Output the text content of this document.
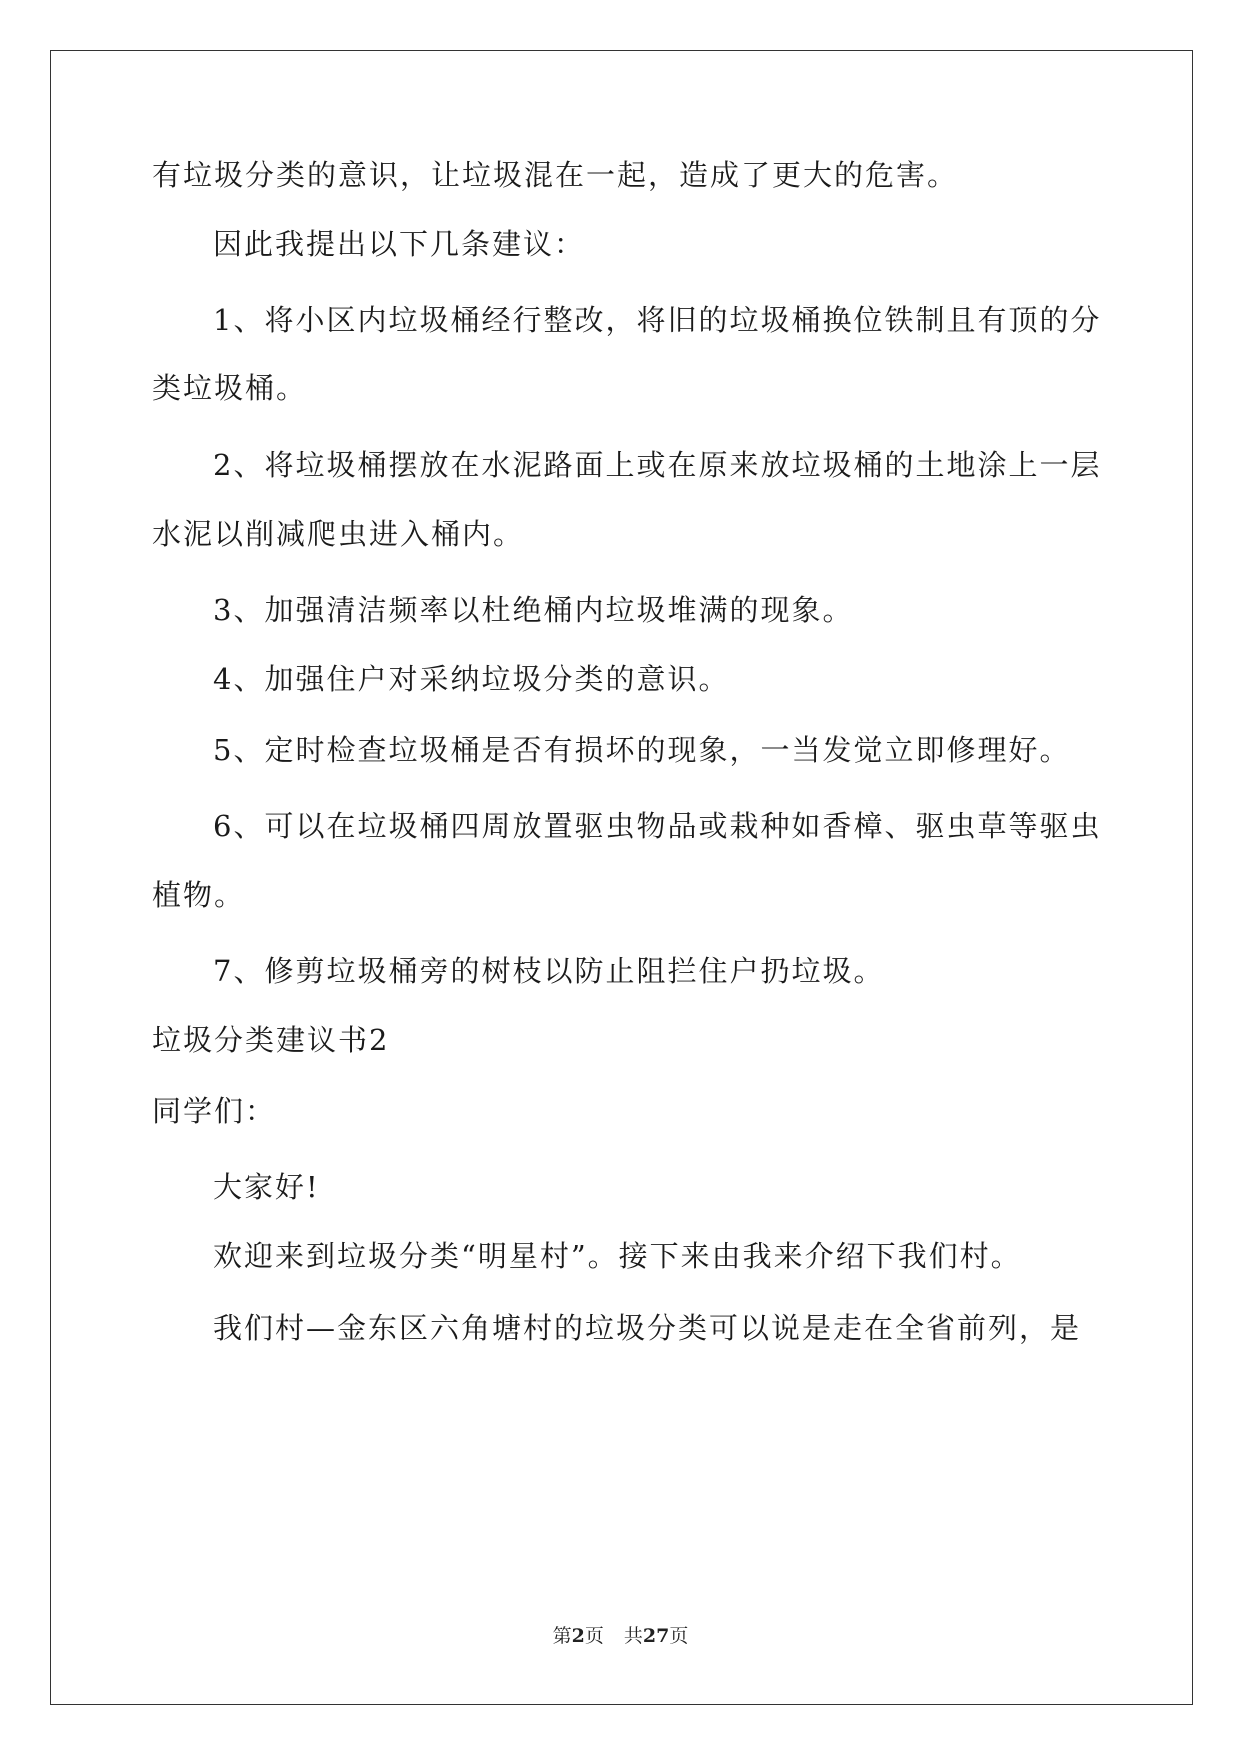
有垃圾分类的意识，让垃圾混在一起，造成了更大的危害。
因此我提出以下几条建议：
1、将小区内垃圾桶经行整改，将旧的垃圾桶换位铁制且有顶的分
类垃圾桶。
2、将垃圾桶摆放在水泥路面上或在原来放垃圾桶的土地涂上一层
水泥以削减爬虫进入桶内。
3、加强清洁频率以杜绝桶内垃圾堆满的现象。
4、加强住户对采纳垃圾分类的意识。
5、定时检查垃圾桶是否有损坏的现象，一当发觉立即修理好。
6、可以在垃圾桶四周放置驱虫物品或栽种如香樟、驱虫草等驱虫
植物。
7、修剪垃圾桶旁的树枝以防止阻拦住户扔垃圾。
垃圾分类建议书2
同学们：
大家好!
欢迎来到垃圾分类“明星村”。接下来由我来介绍下我们村。
我们村—金东区六角塘村的垃圾分类可以说是走在全省前列，是
第2页 共27页
